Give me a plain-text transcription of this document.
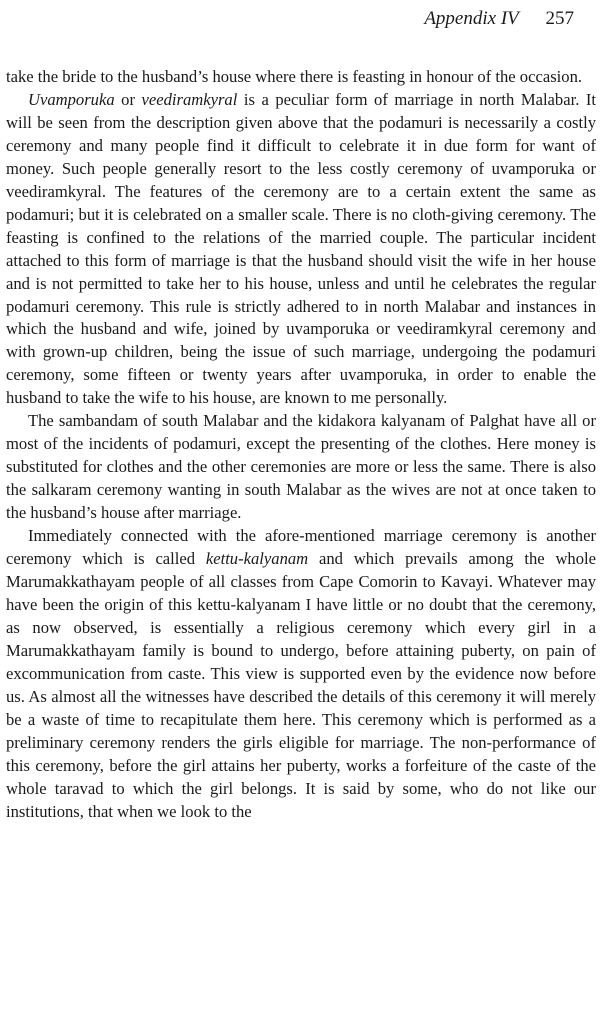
Appendix IV 257

take the bride to the husband’s house where there is feasting in honour of the occasion.

Uvamporuka or veediramkyral is a peculiar form of marriage in north Malabar. It will be seen from the description given above that the podamuri is necessarily a costly ceremony and many people find it difficult to celebrate it in due form for want of money. Such people generally resort to the less costly ceremony of uvamporuka or veediramkyral. The features of the ceremony are to a certain extent the same as podamuri; but it is celebrated on a smaller scale. There is no cloth-giving ceremony. The feasting is confined to the relations of the married couple. The particular incident attached to this form of marriage is that the husband should visit the wife in her house and is not permitted to take her to his house, unless and until he celebrates the regular podamuri ceremony. This rule is strictly adhered to in north Malabar and instances in which the husband and wife, joined by uvamporuka or veediramkyral ceremony and with grown-up children, being the issue of such marriage, undergoing the podamuri ceremony, some fifteen or twenty years after uvamporuka, in order to enable the husband to take the wife to his house, are known to me personally.

The sambandam of south Malabar and the kidakora kalyanam of Palghat have all or most of the incidents of podamuri, except the presenting of the clothes. Here money is substituted for clothes and the other ceremonies are more or less the same. There is also the salkaram ceremony wanting in south Malabar as the wives are not at once taken to the husband’s house after marriage.

Immediately connected with the afore-mentioned marriage ceremony is another ceremony which is called kettu-kalyanam and which prevails among the whole Marumakkathayam people of all classes from Cape Comorin to Kavayi. Whatever may have been the origin of this kettu-kalyanam I have little or no doubt that the ceremony, as now observed, is essentially a religious ceremony which every girl in a Marumakkathayam family is bound to undergo, before attaining puberty, on pain of excommunication from caste. This view is supported even by the evidence now before us. As almost all the witnesses have described the details of this ceremony it will merely be a waste of time to recapitulate them here. This ceremony which is performed as a preliminary ceremony renders the girls eligible for marriage. The non-performance of this ceremony, before the girl attains her puberty, works a forfeiture of the caste of the whole taravad to which the girl belongs. It is said by some, who do not like our institutions, that when we look to the
